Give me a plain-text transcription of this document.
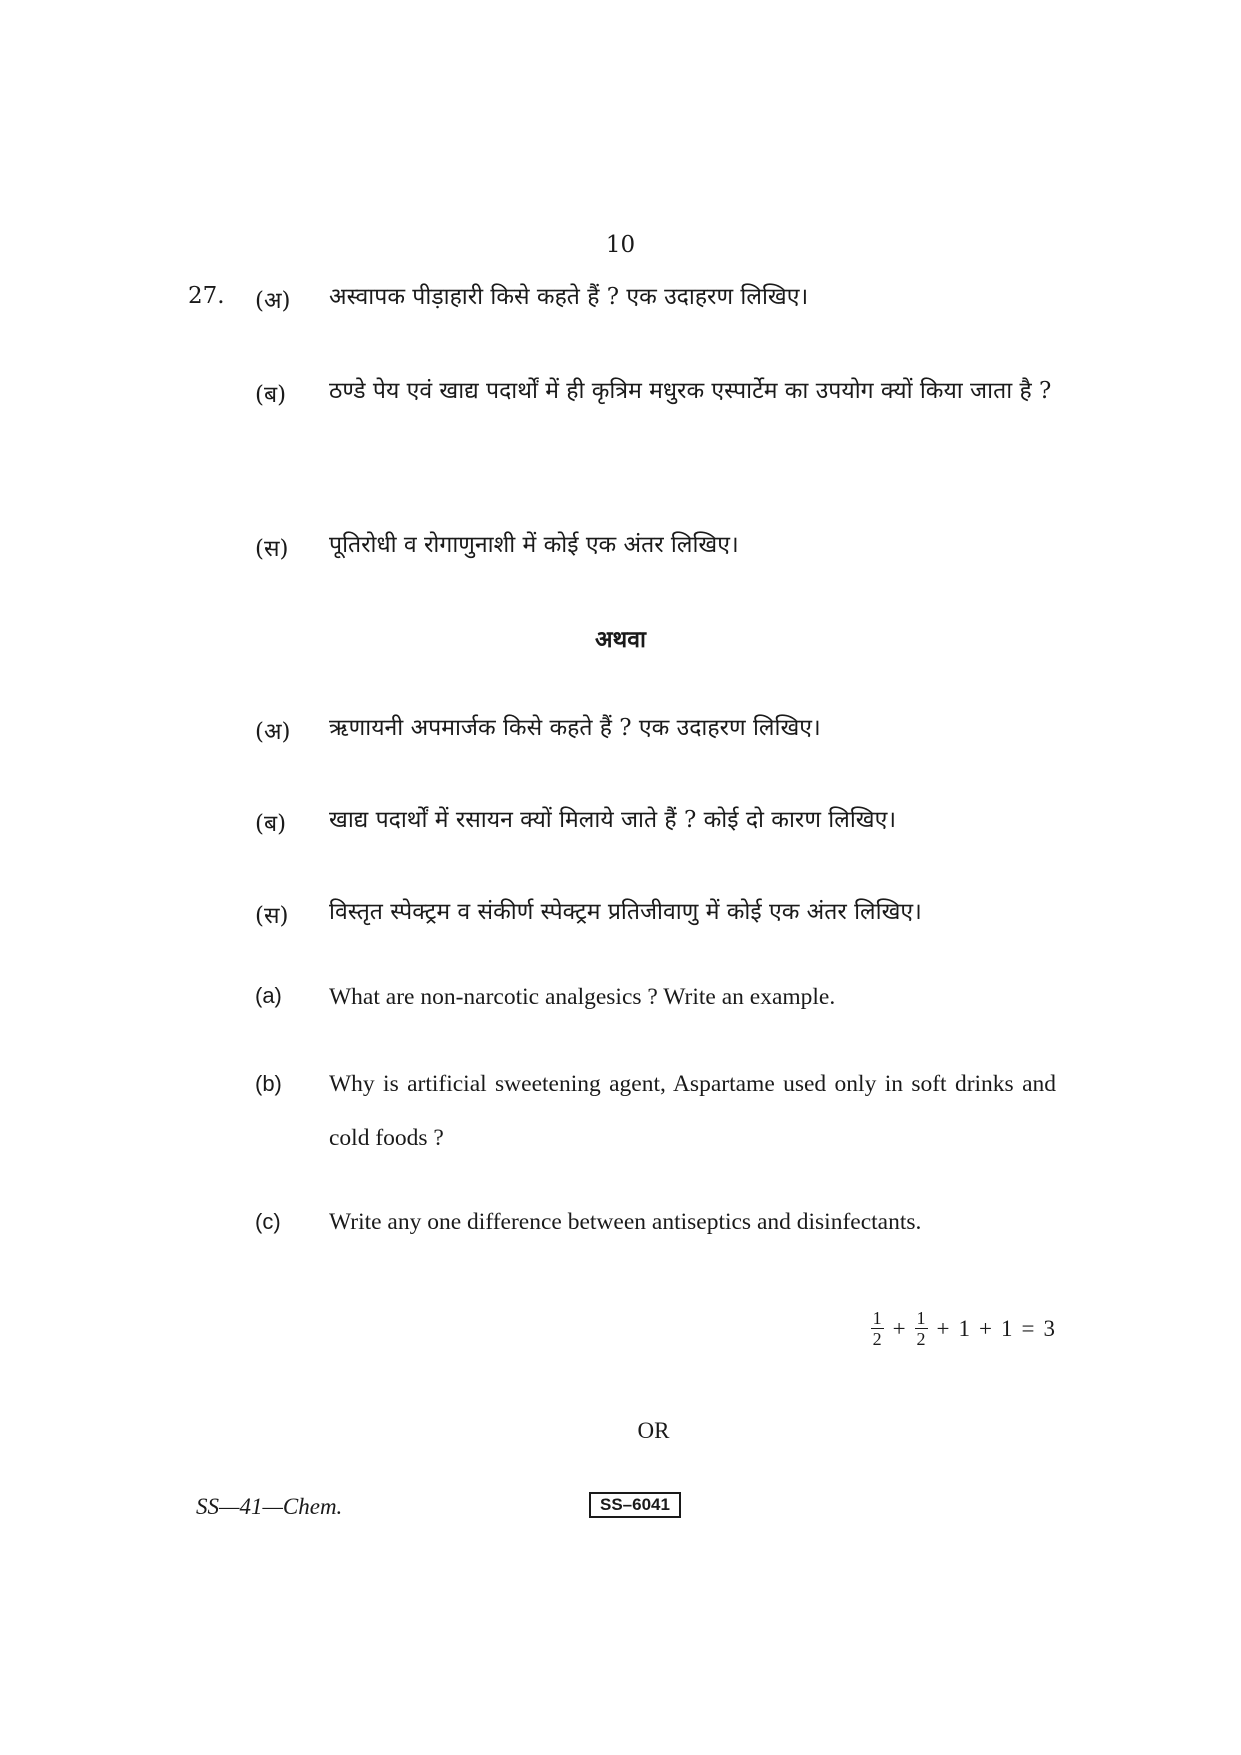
10
27. (अ) अस्वापक पीड़ाहारी किसे कहते हैं ? एक उदाहरण लिखिए।
(ब) ठण्डे पेय एवं खाद्य पदार्थों में ही कृत्रिम मधुरक एस्पार्टेम का उपयोग क्यों किया जाता है ?
(स) पूतिरोधी व रोगाणुनाशी में कोई एक अंतर लिखिए।
अथवा
(अ) ऋणायनी अपमार्जक किसे कहते हैं ? एक उदाहरण लिखिए।
(ब) खाद्य पदार्थों में रसायन क्यों मिलाये जाते हैं ? कोई दो कारण लिखिए।
(स) विस्तृत स्पेक्ट्रम व संकीर्ण स्पेक्ट्रम प्रतिजीवाणु में कोई एक अंतर लिखिए।
(a) What are non-narcotic analgesics ? Write an example.
(b) Why is artificial sweetening agent, Aspartame used only in soft drinks and cold foods ?
(c) Write any one difference between antiseptics and disinfectants.
$\frac{1}{2} + \frac{1}{2} + 1 + 1 = 3$
OR
SS—41—Chem.	SS–6041
